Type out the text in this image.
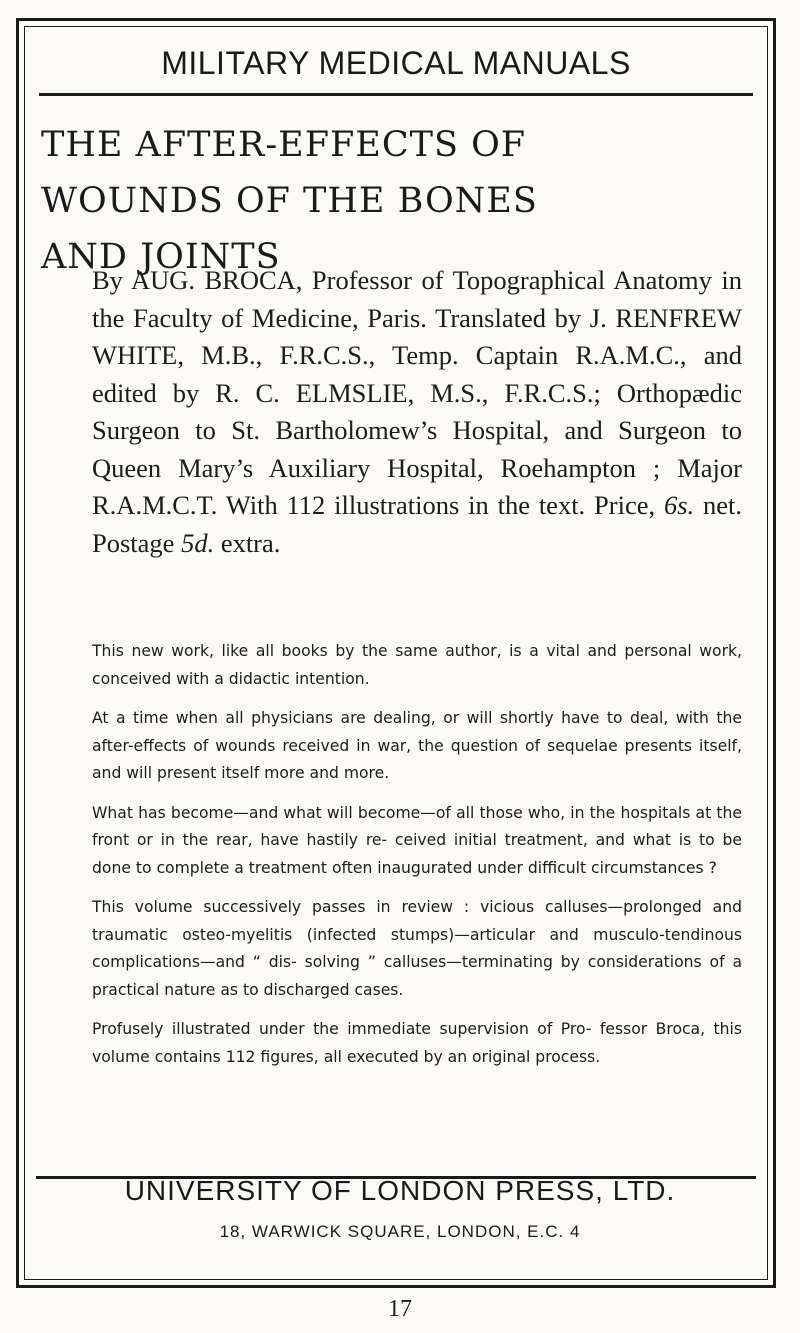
MILITARY MEDICAL MANUALS
THE AFTER-EFFECTS OF
WOUNDS OF THE BONES
AND JOINTS
By AUG. BROCA, Professor of Topographical Anatomy in the Faculty of Medicine, Paris. Translated by J. RENFREW WHITE, M.B., F.R.C.S., Temp. Captain R.A.M.C., and edited by R. C. ELMSLIE, M.S., F.R.C.S.; Orthopædic Surgeon to St. Bartholomew’s Hospital, and Surgeon to Queen Mary’s Auxiliary Hospital, Roehampton ; Major R.A.M.C.T. With 112 illustrations in the text. Price, 6s. net. Postage 5d. extra.

This new work, like all books by the same author, is a vital and personal work, conceived with a didactic intention.

At a time when all physicians are dealing, or will shortly have to deal, with the after-effects of wounds received in war, the question of sequelae presents itself, and will present itself more and more.

What has become—and what will become—of all those who, in the hospitals at the front or in the rear, have hastily re- ceived initial treatment, and what is to be done to complete a treatment often inaugurated under difficult circumstances ?

This volume successively passes in review : vicious calluses—prolonged and traumatic osteo-myelitis (infected stumps)—articular and musculo-tendinous complications—and “ dis- solving ” calluses—terminating by considerations of a practical nature as to discharged cases.

Profusely illustrated under the immediate supervision of Pro- fessor Broca, this volume contains 112 figures, all executed by an original process.

UNIVERSITY OF LONDON PRESS, LTD.
18, WARWICK SQUARE, LONDON, E.C. 4
17
